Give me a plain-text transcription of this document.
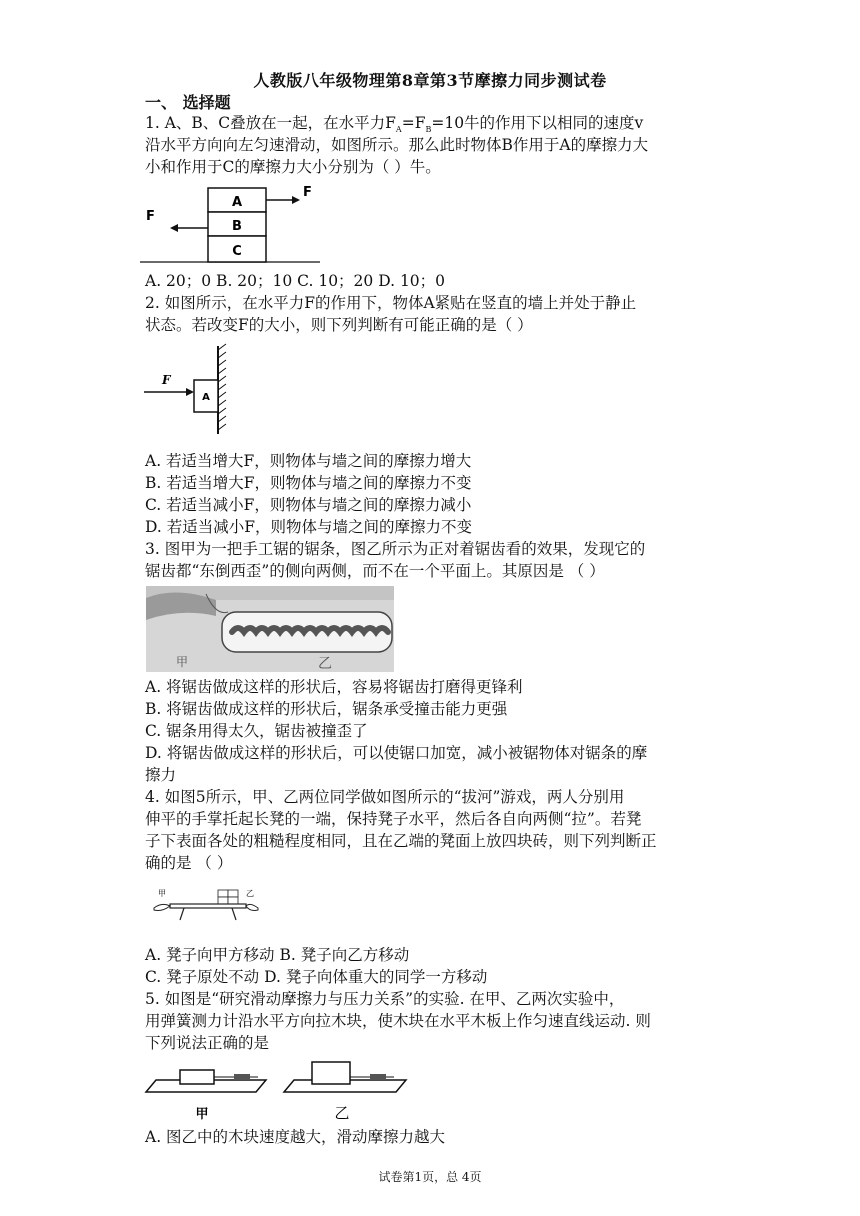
人教版八年级物理第8章第3节摩擦力同步测试卷
一、 选择题
1. A、B、C叠放在一起，在水平力$F_A=F_B=10$牛的作用下以相同的速度v
沿水平方向向左匀速滑动，如图所示。那么此时物体B作用于A的摩擦力大
小和作用于C的摩擦力大小分别为（ ）牛。
A
B
C
F
F
A. 20；0 B. 20；10 C. 10；20 D. 10；0
2. 如图所示，在水平力F的作用下，物体A紧贴在竖直的墙上并处于静止
状态。若改变F的大小，则下列判断有可能正确的是（ ）
A
F
A. 若适当增大F，则物体与墙之间的摩擦力增大
B. 若适当增大F，则物体与墙之间的摩擦力不变
C. 若适当减小F，则物体与墙之间的摩擦力减小
D. 若适当减小F，则物体与墙之间的摩擦力不变
3. 图甲为一把手工锯的锯条，图乙所示为正对着锯齿看的效果，发现它的
锯齿都“东倒西歪”的侧向两侧，而不在一个平面上。其原因是 （ ）
甲	乙
A. 将锯齿做成这样的形状后，容易将锯齿打磨得更锋利
B. 将锯齿做成这样的形状后，锯条承受撞击能力更强
C. 锯条用得太久，锯齿被撞歪了
D. 将锯齿做成这样的形状后，可以使锯口加宽，减小被锯物体对锯条的摩
擦力
4. 如图5所示，甲、乙两位同学做如图所示的“拔河”游戏，两人分别用
伸平的手掌托起长凳的一端，保持凳子水平，然后各自向两侧“拉”。若凳
子下表面各处的粗糙程度相同，且在乙端的凳面上放四块砖，则下列判断正
确的是 （ ）
甲	乙
A. 凳子向甲方移动 B. 凳子向乙方移动
C. 凳子原处不动 D. 凳子向体重大的同学一方移动
5. 如图是“研究滑动摩擦力与压力关系”的实验. 在甲、乙两次实验中，
用弹簧测力计沿水平方向拉木块，使木块在水平木板上作匀速直线运动. 则
下列说法正确的是
甲	乙
A. 图乙中的木块速度越大，滑动摩擦力越大
试卷第1页，总 4页
